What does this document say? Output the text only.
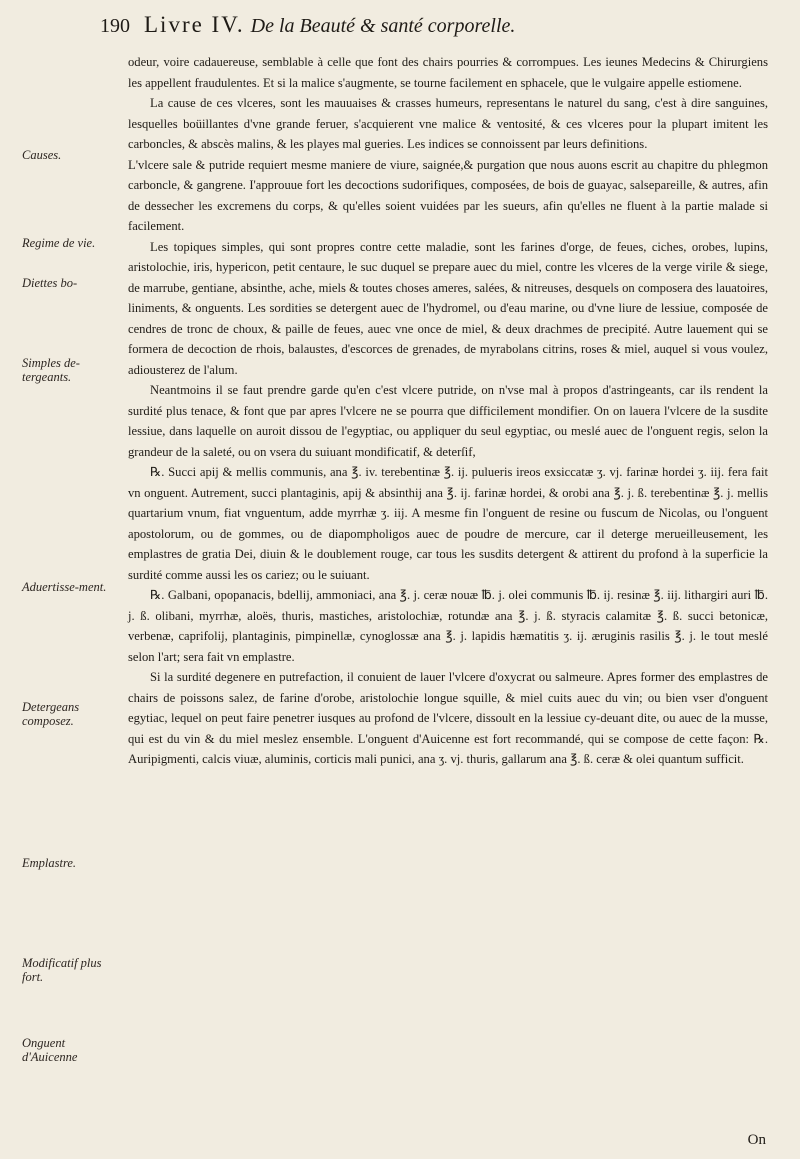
190 Livre IV. De la Beauté & santé corporelle.
Causes.
Regime de vie.
Diettes bo-
Simples de-tergeants.
Aduertisse-ment.
Detergeans composez.
Emplastre.
Modificatif plus fort.
Onguent d'Auicenne

odeur, voire cadauereuse, semblable à celle que font des chairs pourries & corrompues. Les ieunes Medecins & Chirurgiens les appellent fraudulentes. Et si la malice s'augmente, se tourne facilement en sphacele, que le vulgaire appelle estiomene.

La cause de ces vlceres, sont les mauuaises & crasses humeurs, representans le naturel du sang, c'est à dire sanguines, lesquelles boüillantes d'vne grande feruer, s'acquierent vne malice & ventosité, & ces vlceres pour la plupart imitent les carboncles, & abscès malins, & les playes mal gueries. Les indices se connoissent par leurs definitions.

L'vlcere sale & putride requiert mesme maniere de viure, saignée,& purgation que nous auons escrit au chapitre du phlegmon carboncle, & gangrene. I'approuue fort les decoctions sudorifiques, composées, de bois de guayac, salsepareille, & autres, afin de dessecher les excremens du corps, & qu'elles soient vuidées par les sueurs, afin qu'elles ne fluent à la partie malade si facilement.

Les topiques simples, qui sont propres contre cette maladie, sont les farines d'orge, de feues, ciches, orobes, lupins, aristolochie, iris, hypericon, petit centaure, le suc duquel se prepare auec du miel, contre les vlceres de la verge virile & siege, de marrube, gentiane, absinthe, ache, miels & toutes choses ameres, salées, & nitreuses, desquels on composera des lauatoires, liniments, & onguents. Les sordities se detergent auec de l'hydromel, ou d'eau marine, ou d'vne liure de lessiue, composée de cendres de tronc de choux, & paille de feues, auec vne once de miel, & deux drachmes de precipité. Autre lauement qui se formera de decoction de rhois, balaustes, d'escorces de grenades, de myrabolans citrins, roses & miel, auquel si vous voulez, adiousterez de l'alum.

Neantmoins il se faut prendre garde qu'en c'est vlcere putride, on n'vse mal à propos d'astringeants, car ils rendent la surdité plus tenace, & font que par apres l'vlcere ne se pourra que difficilement mondifier. On on lauera l'vlcere de la susdite lessiue, dans laquelle on auroit dissou de l'egyptiac, ou appliquer du seul egyptiac, ou meslé auec de l'onguent regis, selon la grandeur de la saleté, ou on vsera du suiuant mondificatif, & deterſif,

℞. Succi apij & mellis communis, ana ℥. iv. terebentinæ ℥. ij. pulueris ireos exsiccatæ ʒ. vj. farinæ hordei ʒ. iij. fera fait vn onguent. Autrement, succi plantaginis, apij & absinthij ana ℥. ij. farinæ hordei, & orobi ana ℥. j. ß. terebentinæ ℥. j. mellis quartarium vnum, fiat vnguentum, adde myrrhæ ʒ. iij. A mesme fin l'onguent de resine ou fuscum de Nicolas, ou l'onguent apostolorum, ou de gommes, ou de diapompholigos auec de poudre de mercure, car il deterge merueilleusement, les emplastres de gratia Dei, diuin & le doublement rouge, car tous les susdits detergent & attirent du profond à la superficie la surdité comme aussi les os cariez; ou le suiuant.

℞. Galbani, opopanacis, bdellij, ammoniaci, ana ℥. j. ceræ nouæ ℔. j. olei communis ℔. ij. resinæ ℥. iij. lithargiri auri ℔. j. ß. olibani, myrrhæ, aloës, thuris, mastiches, aristolochiæ, rotundæ ana ℥. j. ß. styracis calamitæ ℥. ß. succi betonicæ, verbenæ, caprifolij, plantaginis, pimpinellæ, cynoglossæ ana ℥. j. lapidis hæmatitis ʒ. ij. æruginis rasilis ℥. j. le tout meslé selon l'art; sera fait vn emplastre.

Si la surdité degenere en putrefaction, il conuient de lauer l'vlcere d'oxycrat ou salmeure. Apres former des emplastres de chairs de poissons salez, de farine d'orobe, aristolochie longue squille, & miel cuits auec du vin; ou bien vser d'onguent egytiac, lequel on peut faire penetrer iusques au profond de l'vlcere, dissoult en la lessiue cy-deuant dite, ou auec de la musse, qui est du vin & du miel meslez ensemble. L'onguent d'Auicenne est fort recommandé, qui se compose de cette façon: ℞. Auripigmenti, calcis viuæ, aluminis, corticis mali punici, ana ʒ. vj. thuris, gallarum ana ℥. ß. ceræ & olei quantum sufficit.

On
